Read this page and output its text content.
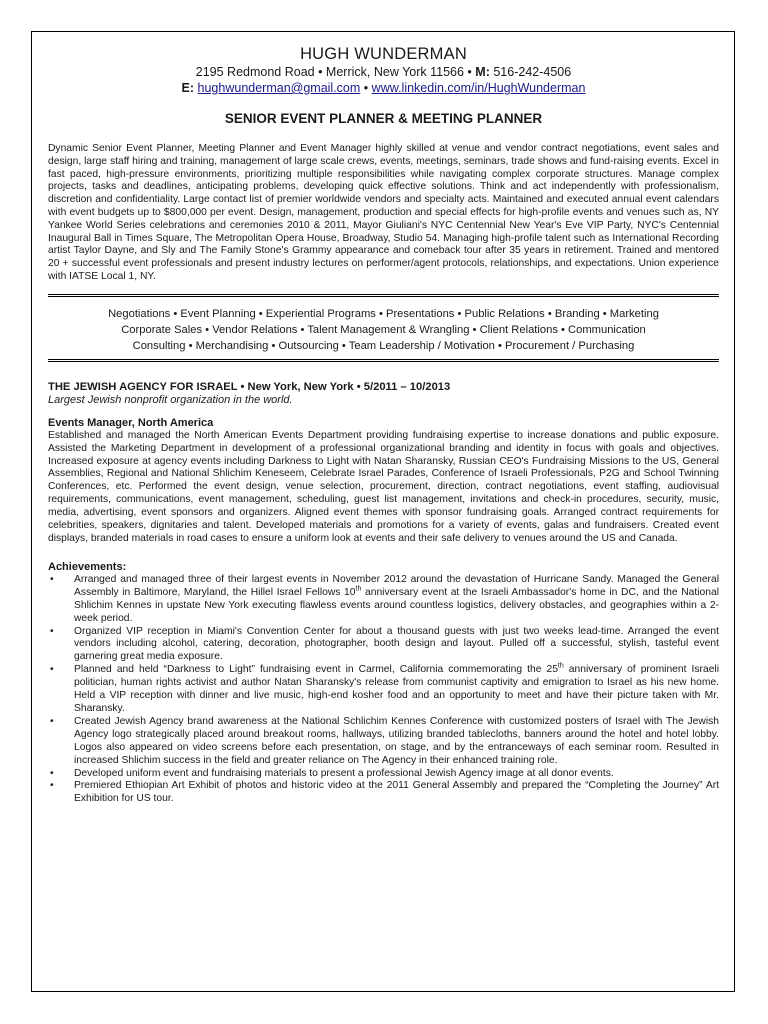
HUGH WUNDERMAN
2195 Redmond Road • Merrick, New York 11566 • M: 516-242-4506
E: hughwunderman@gmail.com • www.linkedin.com/in/HughWunderman
SENIOR EVENT PLANNER & MEETING PLANNER
Dynamic Senior Event Planner, Meeting Planner and Event Manager highly skilled at venue and vendor contract negotiations, event sales and design, large staff hiring and training, management of large scale crews, events, meetings, seminars, trade shows and fund-raising events. Excel in fast paced, high-pressure environments, prioritizing multiple responsibilities while navigating complex corporate structures. Manage complex projects, tasks and deadlines, anticipating problems, developing quick effective solutions. Think and act independently with professionalism, discretion and confidentiality. Large contact list of premier worldwide vendors and specialty acts. Maintained and executed annual event calendars with event budgets up to $800,000 per event. Design, management, production and special effects for high-profile events and venues such as, NY Yankee World Series celebrations and ceremonies 2010 & 2011, Mayor Giuliani's NYC Centennial New Year's Eve VIP Party, NYC's Centennial Inaugural Ball in Times Square, The Metropolitan Opera House, Broadway, Studio 54. Managing high-profile talent such as International Recording artist Taylor Dayne, and Sly and The Family Stone's Grammy appearance and comeback tour after 35 years in retirement. Trained and mentored 20 + successful event professionals and present industry lectures on performer/agent protocols, relationships, and expectations. Union experience with IATSE Local 1, NY.
Negotiations • Event Planning • Experiential Programs • Presentations • Public Relations • Branding • Marketing
Corporate Sales • Vendor Relations • Talent Management & Wrangling • Client Relations • Communication
Consulting • Merchandising • Outsourcing • Team Leadership / Motivation • Procurement / Purchasing
THE JEWISH AGENCY FOR ISRAEL • New York, New York • 5/2011 – 10/2013
Largest Jewish nonprofit organization in the world.
Events Manager, North America
Established and managed the North American Events Department providing fundraising expertise to increase donations and public exposure. Assisted the Marketing Department in development of a professional organizational branding and identity in focus with goals and objectives. Increased exposure at agency events including Darkness to Light with Natan Sharansky, Russian CEO's Fundraising Missions to the US, General Assemblies, Regional and National Shlichim Keneseem, Celebrate Israel Parades, Conference of Israeli Professionals, P2G and School Twinning Conferences, etc. Performed the event design, venue selection, procurement, direction, contract negotiations, event staffing, audiovisual requirements, communications, event management, scheduling, guest list management, invitations and check-in procedures, security, music, media, advertising, event sponsors and organizers. Aligned event themes with sponsor fundraising goals. Arranged contract requirements for celebrities, speakers, dignitaries and talent. Developed materials and promotions for a variety of events, galas and fundraisers. Created event displays, branded materials in road cases to ensure a uniform look at events and their safe delivery to venues around the US and Canada.
Achievements:
• Arranged and managed three of their largest events in November 2012 around the devastation of Hurricane Sandy. Managed the General Assembly in Baltimore, Maryland, the Hillel Israel Fellows 10th anniversary event at the Israeli Ambassador's home in DC, and the National Shlichim Kennes in upstate New York executing flawless events around countless logistics, delivery obstacles, and geographies within a 2-week period.
• Organized VIP reception in Miami's Convention Center for about a thousand guests with just two weeks lead-time. Arranged the event vendors including alcohol, catering, decoration, photographer, booth design and layout. Pulled off a successful, stylish, tasteful event garnering great media exposure.
• Planned and held “Darkness to Light” fundraising event in Carmel, California commemorating the 25th anniversary of prominent Israeli politician, human rights activist and author Natan Sharansky's release from communist captivity and emigration to Israel as his new home. Held a VIP reception with dinner and live music, high-end kosher food and an opportunity to meet and have their picture taken with Mr. Sharansky.
• Created Jewish Agency brand awareness at the National Schlichim Kennes Conference with customized posters of Israel with The Jewish Agency logo strategically placed around breakout rooms, hallways, utilizing branded tablecloths, banners around the hotel and hotel lobby. Logos also appeared on video screens before each presentation, on stage, and by the entranceways of each seminar room. Resulted in increased Shlichim success in the field and greater reliance on The Agency in their enhanced training role.
• Developed uniform event and fundraising materials to present a professional Jewish Agency image at all donor events.
• Premiered Ethiopian Art Exhibit of photos and historic video at the 2011 General Assembly and prepared the “Completing the Journey” Art Exhibition for US tour.
